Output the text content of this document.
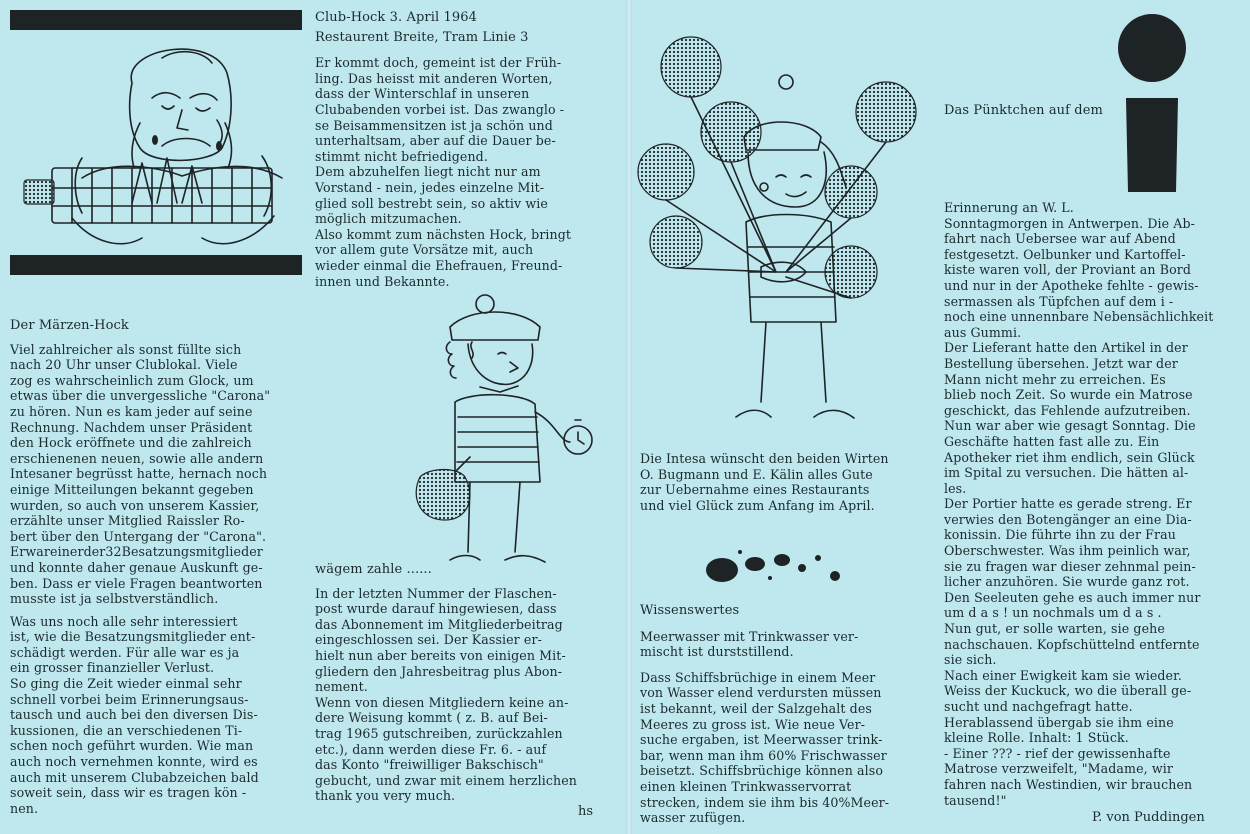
Club-Hock 3. April 1964

Restaurent Breite, Tram Linie 3

Er kommt doch, gemeint ist der Früh-
ling. Das heisst mit anderen Worten,
dass der Winterschlaf in unseren
Clubabenden vorbei ist. Das zwanglo -
se Beisammensitzen ist ja schön und
unterhaltsam, aber auf die Dauer be-
stimmt nicht befriedigend.
Dem abzuhelfen liegt nicht nur am
Vorstand - nein, jedes einzelne Mit-
glied soll bestrebt sein, so aktiv wie
möglich mitzumachen.
Also kommt zum nächsten Hock, bringt
vor allem gute Vorsätze mit, auch
wieder einmal die Ehefrauen, Freund-
innen und Bekannte.

Der Märzen-Hock

Viel zahlreicher als sonst füllte sich
nach 20 Uhr unser Clublokal. Viele
zog es wahrscheinlich zum Glock, um
etwas über die unvergessliche "Carona"
zu hören. Nun es kam jeder auf seine
Rechnung. Nachdem unser Präsident
den Hock eröffnete und die zahlreich
erschienenen neuen, sowie alle andern
Intesaner begrüsst hatte, hernach noch
einige Mitteilungen bekannt gegeben
wurden, so auch von unserem Kassier,
erzählte unser Mitglied Raissler Ro-
bert über den Untergang der "Carona".
Erwareinerder32Besatzungsmitglieder
und konnte daher genaue Auskunft ge-
ben. Dass er viele Fragen beantworten
musste ist ja selbstverständlich.

Was uns noch alle sehr interessiert
ist, wie die Besatzungsmitglieder ent-
schädigt werden. Für alle war es ja
ein grosser finanzieller Verlust.
So ging die Zeit wieder einmal sehr
schnell vorbei beim Erinnerungsaus-
tausch und auch bei den diversen Dis-
kussionen, die an verschiedenen Ti-
schen noch geführt wurden. Wie man
auch noch vernehmen konnte, wird es
auch mit unserem Clubabzeichen bald
soweit sein, dass wir es tragen kön -
nen.

wägem zahle ......

In der letzten Nummer der Flaschen-
post wurde darauf hingewiesen, dass
das Abonnement im Mitgliederbeitrag
eingeschlossen sei. Der Kassier er-
hielt nun aber bereits von einigen Mit-
gliedern den Jahresbeitrag plus Abon-
nement.
Wenn von diesen Mitgliedern keine an-
dere Weisung kommt ( z. B. auf Bei-
trag 1965 gutschreiben, zurückzahlen
etc.), dann werden diese Fr. 6. - auf
das Konto "freiwilliger Bakschisch"
gebucht, und zwar mit einem herzlichen
thank you very much.

hs

Die Intesa wünscht den beiden Wirten
O. Bugmann und E. Kälin alles Gute
zur Uebernahme eines Restaurants
und viel Glück zum Anfang im April.

Wissenswertes

Meerwasser mit Trinkwasser ver-
mischt ist durststillend.

Dass Schiffsbrüchige in einem Meer
von Wasser elend verdursten müssen
ist bekannt, weil der Salzgehalt des
Meeres zu gross ist. Wie neue Ver-
suche ergaben, ist Meerwasser trink-
bar, wenn man ihm 60% Frischwasser
beisetzt. Schiffsbrüchige können also
einen kleinen Trinkwasservorrat
strecken, indem sie ihm bis 40%Meer-
wasser zufügen.

Das Pünktchen auf dem

Erinnerung an W. L.
Sonntagmorgen in Antwerpen. Die Ab-
fahrt nach Uebersee war auf Abend
festgesetzt. Oelbunker und Kartoffel-
kiste waren voll, der Proviant an Bord
und nur in der Apotheke fehlte - gewis-
sermassen als Tüpfchen auf dem i -
noch eine unnennbare Nebensächlichkeit
aus Gummi.
Der Lieferant hatte den Artikel in der
Bestellung übersehen. Jetzt war der
Mann nicht mehr zu erreichen. Es
blieb noch Zeit. So wurde ein Matrose
geschickt, das Fehlende aufzutreiben.
Nun war aber wie gesagt Sonntag. Die
Geschäfte hatten fast alle zu. Ein
Apotheker riet ihm endlich, sein Glück
im Spital zu versuchen. Die hätten al-
les.
Der Portier hatte es gerade streng. Er
verwies den Botengänger an eine Dia-
konissin. Die führte ihn zu der Frau
Oberschwester. Was ihm peinlich war,
sie zu fragen war dieser zehnmal pein-
licher anzuhören. Sie wurde ganz rot.
Den Seeleuten gehe es auch immer nur
um d a s ! un nochmals um d a s .
Nun gut, er solle warten, sie gehe
nachschauen. Kopfschüttelnd entfernte
sie sich.
Nach einer Ewigkeit kam sie wieder.
Weiss der Kuckuck, wo die überall ge-
sucht und nachgefragt hatte.
Herablassend übergab sie ihm eine
kleine Rolle. Inhalt: 1 Stück.
- Einer ??? - rief der gewissenhafte
Matrose verzweifelt, "Madame, wir
fahren nach Westindien, wir brauchen
tausend!"

P. von Puddingen
